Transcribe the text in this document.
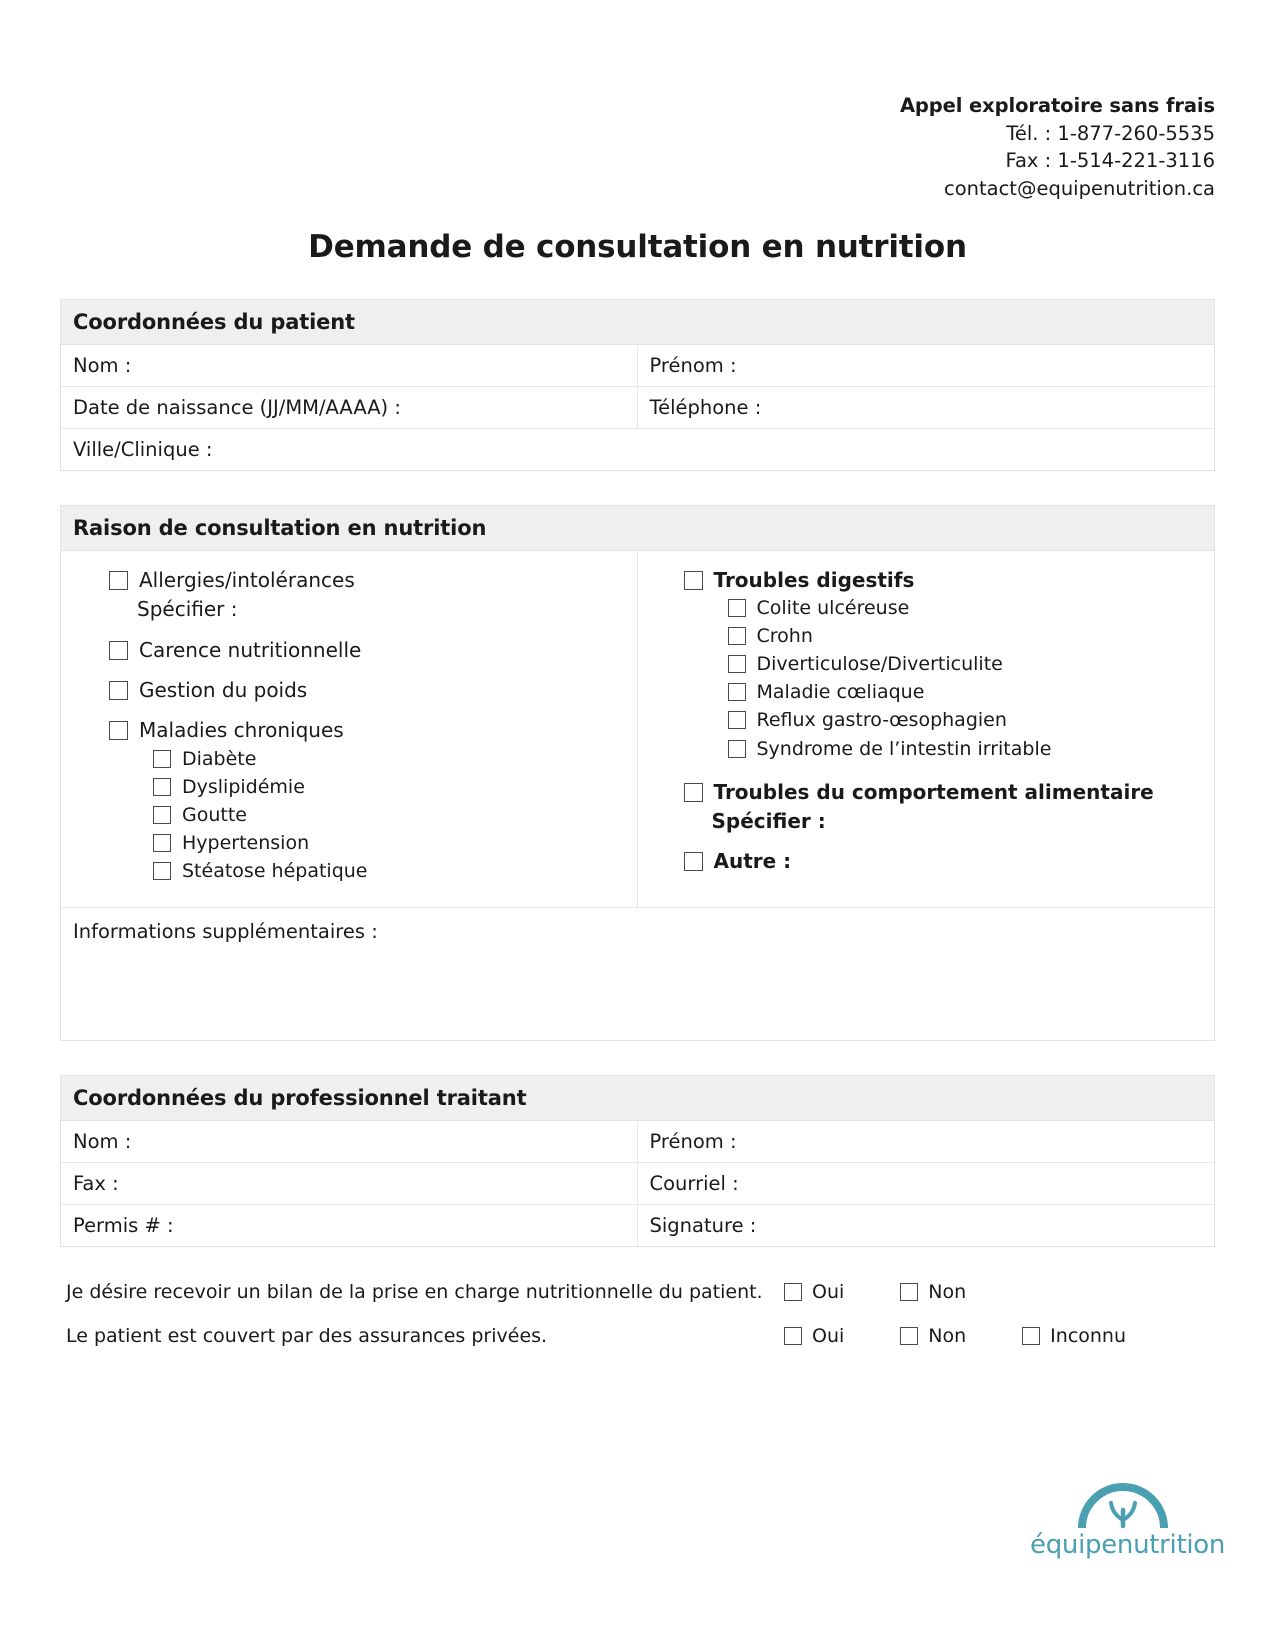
Appel exploratoire sans frais
Tél. : 1-877-260-5535
Fax : 1-514-221-3116
contact@equipenutrition.ca
Demande de consultation en nutrition
Coordonnées du patient
Nom :	Prénom :
Date de naissance (JJ/MM/AAAA) :	Téléphone :
Ville/Clinique :
Raison de consultation en nutrition
Allergies/intolérances
Spécifier :
Carence nutritionnelle
Gestion du poids
Maladies chroniques
Diabète
Dyslipidémie
Goutte
Hypertension
Stéatose hépatique
Troubles digestifs
Colite ulcéreuse
Crohn
Diverticulose/Diverticulite
Maladie cœliaque
Reflux gastro-œsophagien
Syndrome de l’intestin irritable
Troubles du comportement alimentaire
Spécifier :
Autre :
Informations supplémentaires :
Coordonnées du professionnel traitant
Nom :	Prénom :
Fax :	Courriel :
Permis # :	Signature :
Je désire recevoir un bilan de la prise en charge nutritionnelle du patient.	Oui	Non
Le patient est couvert par des assurances privées.	Oui	Non	Inconnu
équipenutrition
